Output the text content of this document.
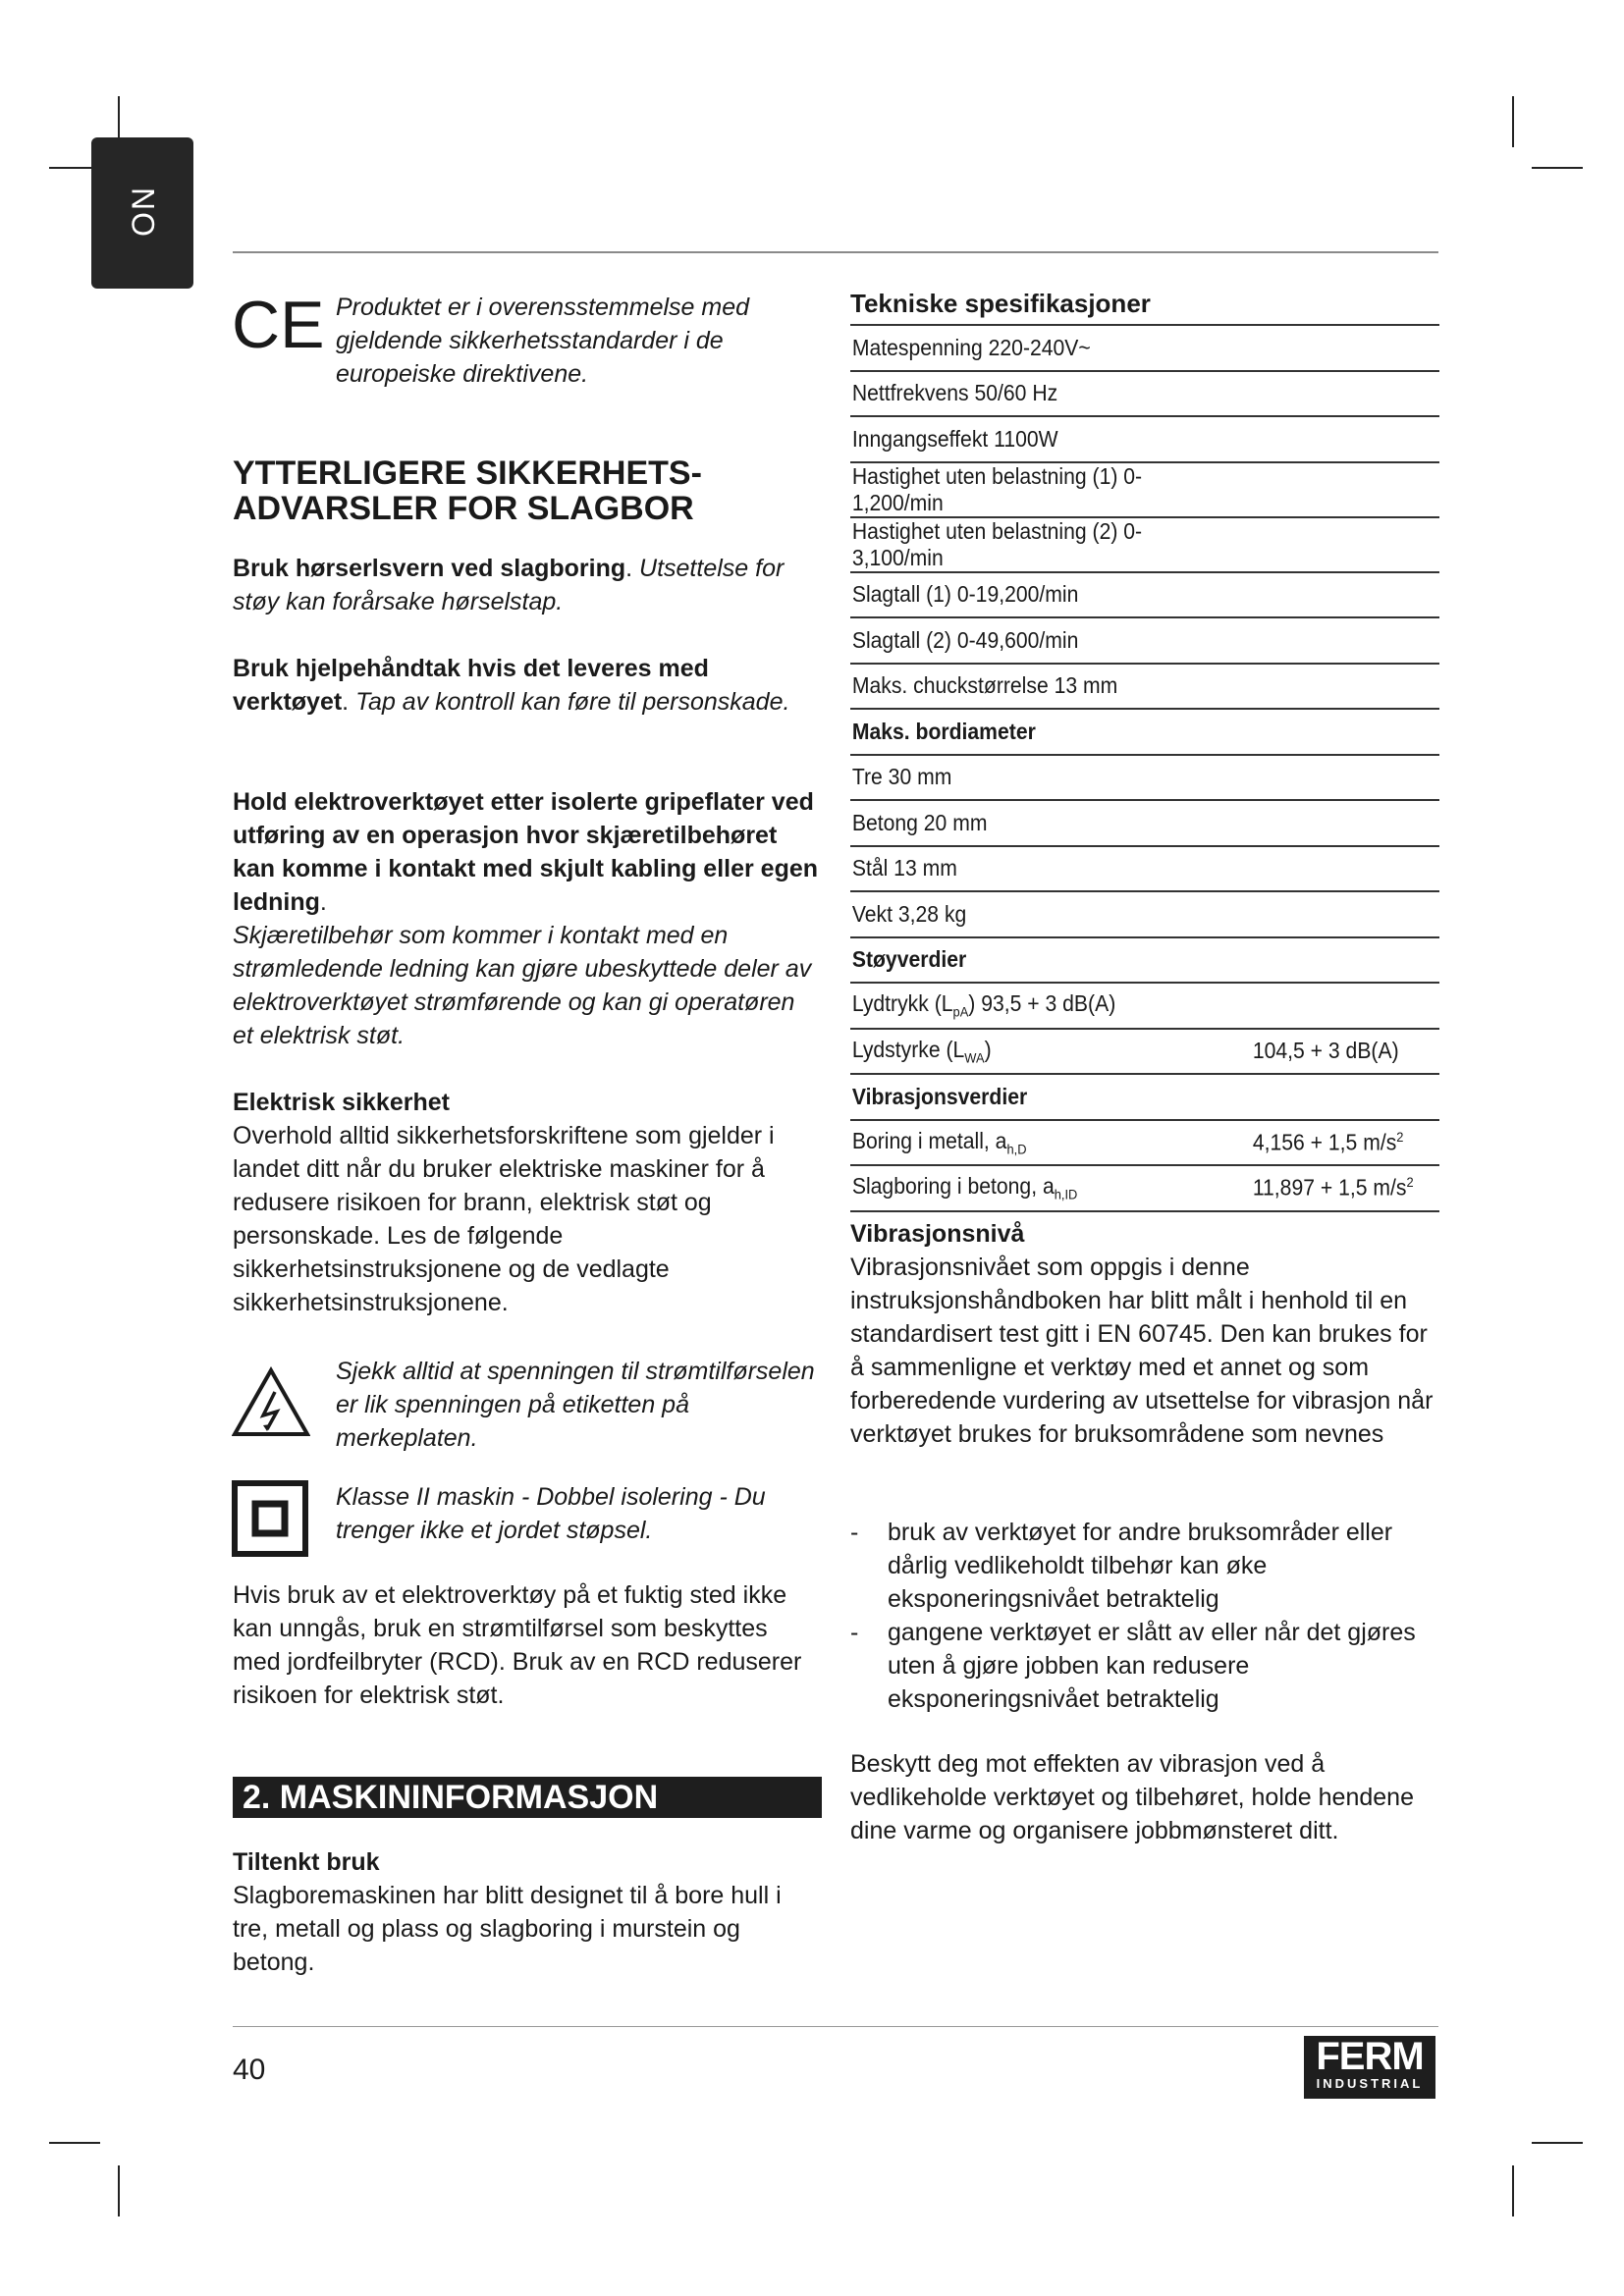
NO
CE Produktet er i overensstemmelse med gjeldende sikkerhetsstandarder i de europeiske direktivene.
YTTERLIGERE SIKKERHETS- ADVARSLER FOR SLAGBOR
Bruk hørserlsvern ved slagboring. Utsettelse for støy kan forårsake hørselstap.
Bruk hjelpehåndtak hvis det leveres med verktøyet. Tap av kontroll kan føre til personskade.
Hold elektroverktøyet etter isolerte gripeflater ved utføring av en operasjon hvor skjæretilbehøret kan komme i kontakt med skjult kabling eller egen ledning.
Skjæretilbehør som kommer i kontakt med en strømledende ledning kan gjøre ubeskyttede deler av elektroverktøyet strømførende og kan gi operatøren et elektrisk støt.
Elektrisk sikkerhet
Overhold alltid sikkerhetsforskriftene som gjelder i landet ditt når du bruker elektriske maskiner for å redusere risikoen for brann, elektrisk støt og personskade. Les de følgende sikkerhetsinstruksjonene og de vedlagte sikkerhetsinstruksjonene.
Sjekk alltid at spenningen til strømtilførselen er lik spenningen på etiketten på merkeplaten.
Klasse II maskin - Dobbel isolering - Du trenger ikke et jordet støpsel.
Hvis bruk av et elektroverktøy på et fuktig sted ikke kan unngås, bruk en strømtilførsel som beskyttes med jordfeilbryter (RCD). Bruk av en RCD reduserer risikoen for elektrisk støt.
2. MASKININFORMASJON
Tiltenkt bruk
Slagboremaskinen har blitt designet til å bore hull i tre, metall og plass og slagboring i murstein og betong.
Tekniske spesifikasjoner
Matespenning 220-240V~	
Nettfrekvens 50/60 Hz	
Inngangseffekt 1100W	
Hastighet uten belastning (1) 0-1,200/min	
Hastighet uten belastning (2) 0-3,100/min	
Slagtall (1) 0-19,200/min	
Slagtall (2) 0-49,600/min	
Maks. chuckstørrelse 13 mm	
Maks. bordiameter	
Tre 30 mm	
Betong 20 mm	
Stål 13 mm	
Vekt 3,28 kg	
Støyverdier	
Lydtrykk $(L_{pA}) 93,5 + 3$ dB(A)	
Lydstyrke $(L_{WA})$	104,5 + 3 dB(A)
Vibrasjonsverdier	
Boring i metall, $a_{h,D}$	4,156 + 1,5 $m/s^2$
Slagboring i betong, $a_{h,ID}$	11,897 + 1,5 $m/s^2$
Vibrasjonsnivå
Vibrasjonsnivået som oppgis i denne instruksjonshåndboken har blitt målt i henhold til en standardisert test gitt i EN 60745. Den kan brukes for å sammenligne et verktøy med et annet og som forberedende vurdering av utsettelse for vibrasjon når verktøyet brukes for bruksområdene som nevnes
- bruk av verktøyet for andre bruksområder eller dårlig vedlikeholdt tilbehør kan øke eksponeringsnivået betraktelig
- gangene verktøyet er slått av eller når det gjøres uten å gjøre jobben kan redusere eksponeringsnivået betraktelig
Beskytt deg mot effekten av vibrasjon ved å vedlikeholde verktøyet og tilbehøret, holde hendene dine varme og organisere jobbmønsteret ditt.
40	FERM
INDUSTRIAL
